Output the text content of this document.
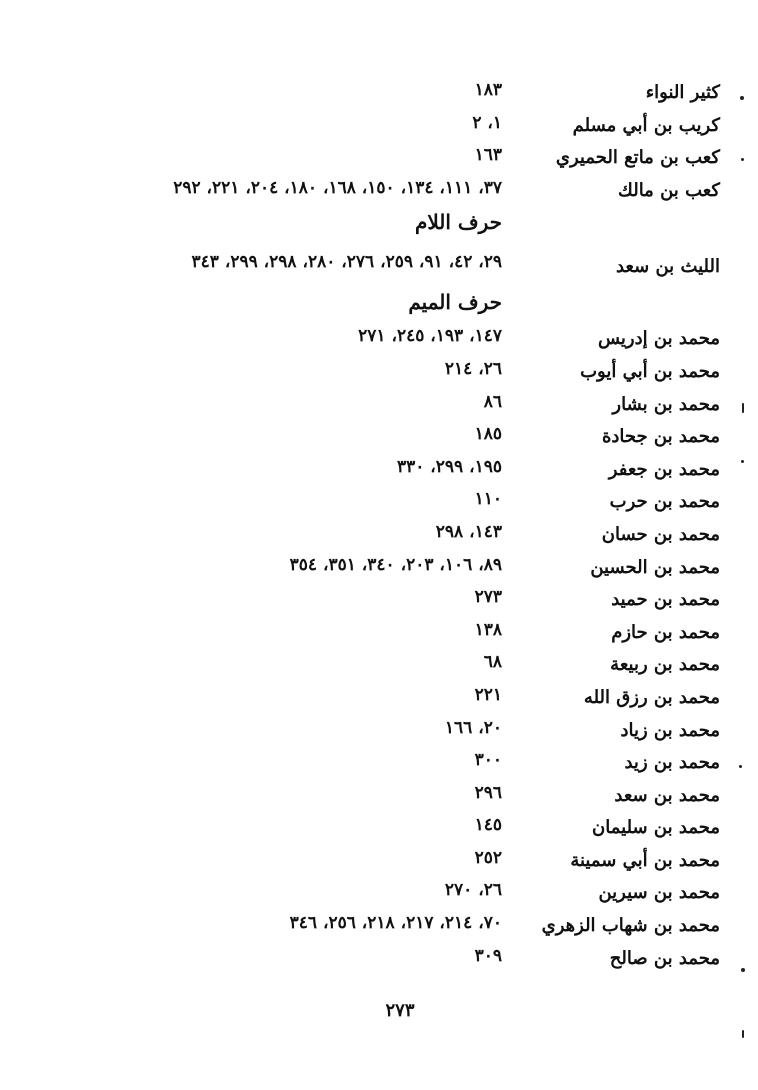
كثير النواء
١٨٣
كريب بن أبي مسلم
١، ٢
كعب بن ماتع الحميري
١٦٣
كعب بن مالك
٣٧، ١١١، ١٣٤، ١٥٠، ١٦٨، ١٨٠، ٢٠٤، ٢٢١، ٢٩٢
حرف اللام
الليث بن سعد
٢٩، ٤٢، ٩١، ٢٥٩، ٢٧٦، ٢٨٠، ٢٩٨، ٢٩٩، ٣٤٣
حرف الميم
محمد بن إدريس
١٤٧، ١٩٣، ٢٤٥، ٢٧١
محمد بن أبي أيوب
٢٦، ٢١٤
محمد بن بشار
٨٦
محمد بن جحادة
١٨٥
محمد بن جعفر
١٩٥، ٢٩٩، ٣٣٠
محمد بن حرب
١١٠
محمد بن حسان
١٤٣، ٢٩٨
محمد بن الحسين
٨٩، ١٠٦، ٢٠٣، ٣٤٠، ٣٥١، ٣٥٤
محمد بن حميد
٢٧٣
محمد بن حازم
١٣٨
محمد بن ربيعة
٦٨
محمد بن رزق الله
٢٢١
محمد بن زياد
٢٠، ١٦٦
محمد بن زيد
٣٠٠
محمد بن سعد
٢٩٦
محمد بن سليمان
١٤٥
محمد بن أبي سمينة
٢٥٢
محمد بن سيرين
٢٦، ٢٧٠
محمد بن شهاب الزهري
٧٠، ٢١٤، ٢١٧، ٢١٨، ٢٥٦، ٣٤٦
محمد بن صالح
٣٠٩
٢٧٣
